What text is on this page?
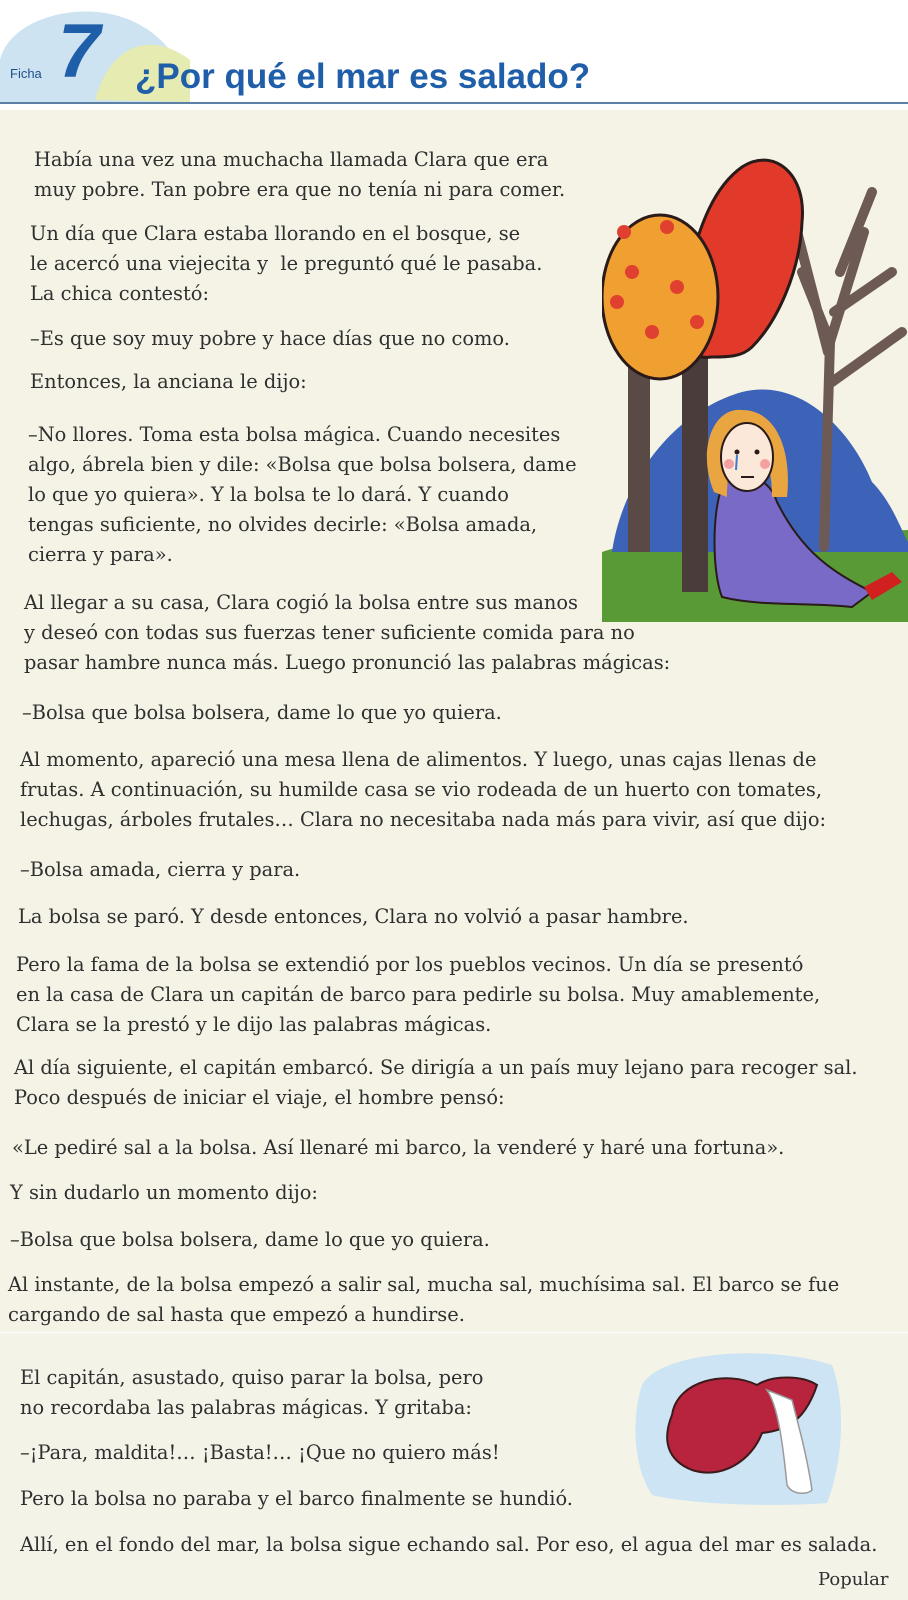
Ficha 7 ¿Por qué el mar es salado?

Había una vez una muchacha llamada Clara que era
muy pobre. Tan pobre era que no tenía ni para comer.

Un día que Clara estaba llorando en el bosque, se
le acercó una viejecita y  le preguntó qué le pasaba.
La chica contestó:

–Es que soy muy pobre y hace días que no como.

Entonces, la anciana le dijo:

–No llores. Toma esta bolsa mágica. Cuando necesites
algo, ábrela bien y dile: «Bolsa que bolsa bolsera, dame
lo que yo quiera». Y la bolsa te lo dará. Y cuando
tengas suficiente, no olvides decirle: «Bolsa amada,
cierra y para».

Al llegar a su casa, Clara cogió la bolsa entre sus manos
y deseó con todas sus fuerzas tener suficiente comida para no
pasar hambre nunca más. Luego pronunció las palabras mágicas:

–Bolsa que bolsa bolsera, dame lo que yo quiera.

Al momento, apareció una mesa llena de alimentos. Y luego, unas cajas llenas de
frutas. A continuación, su humilde casa se vio rodeada de un huerto con tomates,
lechugas, árboles frutales… Clara no necesitaba nada más para vivir, así que dijo:

–Bolsa amada, cierra y para.

La bolsa se paró. Y desde entonces, Clara no volvió a pasar hambre.

Pero la fama de la bolsa se extendió por los pueblos vecinos. Un día se presentó
en la casa de Clara un capitán de barco para pedirle su bolsa. Muy amablemente,
Clara se la prestó y le dijo las palabras mágicas.

Al día siguiente, el capitán embarcó. Se dirigía a un país muy lejano para recoger sal.
Poco después de iniciar el viaje, el hombre pensó:

«Le pediré sal a la bolsa. Así llenaré mi barco, la venderé y haré una fortuna».

Y sin dudarlo un momento dijo:

–Bolsa que bolsa bolsera, dame lo que yo quiera.

Al instante, de la bolsa empezó a salir sal, mucha sal, muchísima sal. El barco se fue
cargando de sal hasta que empezó a hundirse.

El capitán, asustado, quiso parar la bolsa, pero
no recordaba las palabras mágicas. Y gritaba:

–¡Para, maldita!… ¡Basta!… ¡Que no quiero más!

Pero la bolsa no paraba y el barco finalmente se hundió.

Allí, en el fondo del mar, la bolsa sigue echando sal. Por eso, el agua del mar es salada.

Popular
